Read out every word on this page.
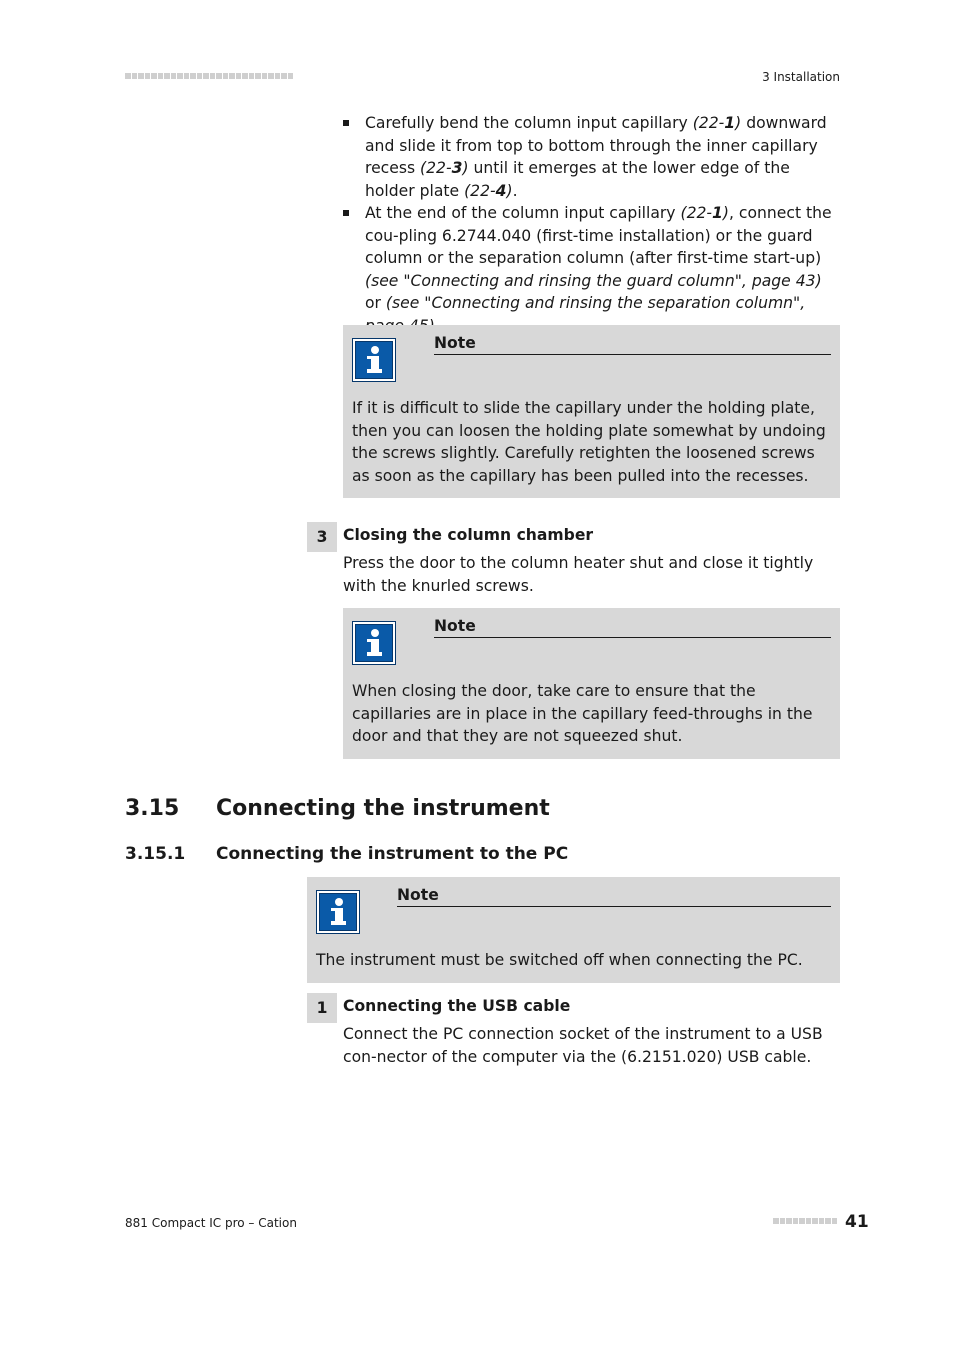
3 Installation
Carefully bend the column input capillary (22-1) downward and slide it from top to bottom through the inner capillary recess (22-3) until it emerges at the lower edge of the holder plate (22-4).
At the end of the column input capillary (22-1), connect the cou-pling 6.2744.040 (first-time installation) or the guard column or the separation column (after first-time start-up) (see "Connecting and rinsing the guard column", page 43) or (see "Connecting and rinsing the separation column",
Note
If it is difficult to slide the capillary under the holding plate, then you can loosen the holding plate somewhat by undoing the screws slightly. Carefully retighten the loosened screws as soon as the capillary has been pulled into the recesses.
3 Closing the column chamber
Press the door to the column heater shut and close it tightly with the knurled screws.
Note
When closing the door, take care to ensure that the capillaries are in place in the capillary feed-throughs in the door and that they are not squeezed shut.
3.15 Connecting the instrument
3.15.1 Connecting the instrument to the PC
Note
The instrument must be switched off when connecting the PC.
1 Connecting the USB cable
Connect the PC connection socket of the instrument to a USB con-nector of the computer via the (6.2151.020) USB cable.
881 Compact IC pro – Cation	41
